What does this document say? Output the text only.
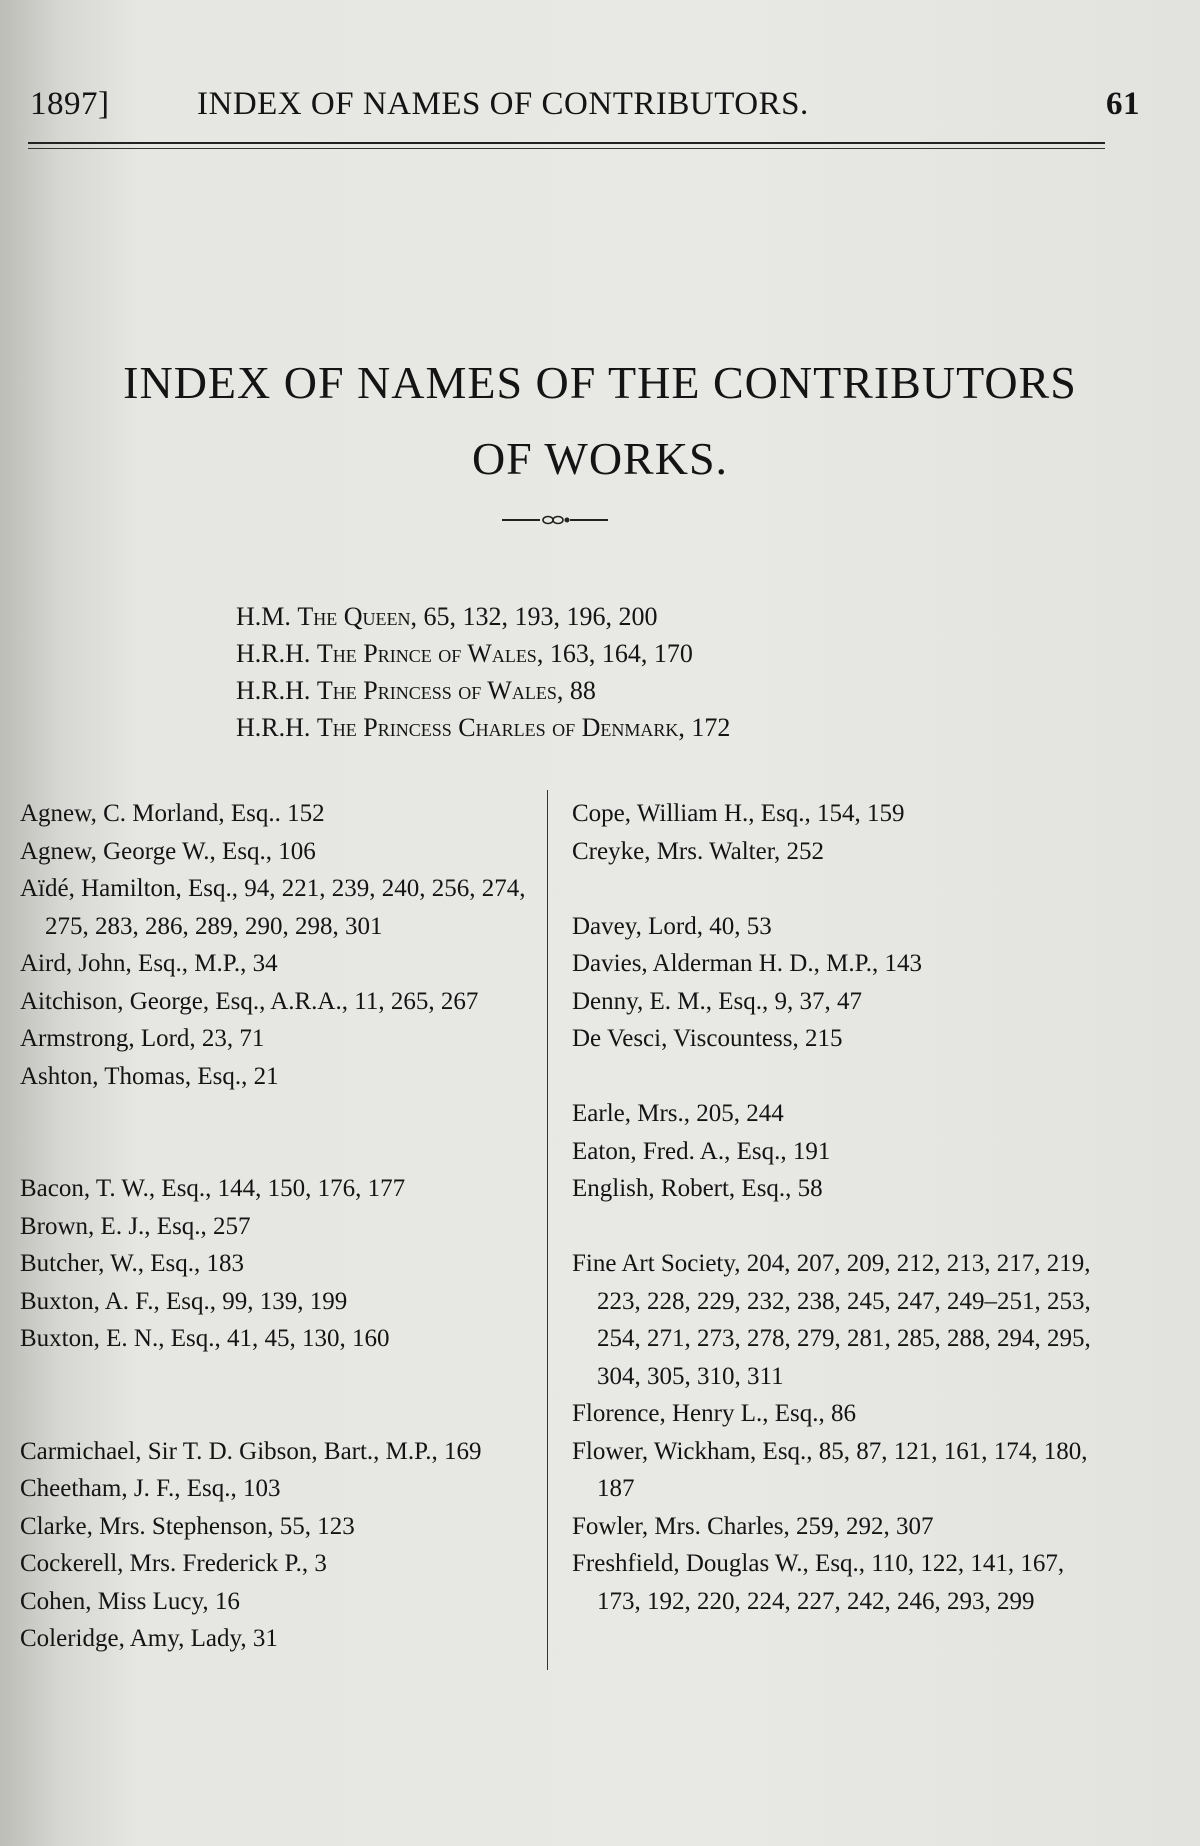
1897]	INDEX OF NAMES OF CONTRIBUTORS.	61
INDEX OF NAMES OF THE CONTRIBUTORS
OF WORKS.
H.M. The Queen, 65, 132, 193, 196, 200
H.R.H. The Prince of Wales, 163, 164, 170
H.R.H. The Princess of Wales, 88
H.R.H. The Princess Charles of Denmark, 172
Agnew, C. Morland, Esq.. 152
Agnew, George W., Esq., 106
Aïdé, Hamilton, Esq., 94, 221, 239, 240, 256, 274, 275, 283, 286, 289, 290, 298, 301
Aird, John, Esq., M.P., 34
Aitchison, George, Esq., A.R.A., 11, 265, 267
Armstrong, Lord, 23, 71
Ashton, Thomas, Esq., 21
Bacon, T. W., Esq., 144, 150, 176, 177
Brown, E. J., Esq., 257
Butcher, W., Esq., 183
Buxton, A. F., Esq., 99, 139, 199
Buxton, E. N., Esq., 41, 45, 130, 160
Carmichael, Sir T. D. Gibson, Bart., M.P., 169
Cheetham, J. F., Esq., 103
Clarke, Mrs. Stephenson, 55, 123
Cockerell, Mrs. Frederick P., 3
Cohen, Miss Lucy, 16
Coleridge, Amy, Lady, 31
Cope, William H., Esq., 154, 159
Creyke, Mrs. Walter, 252
Davey, Lord, 40, 53
Davies, Alderman H. D., M.P., 143
Denny, E. M., Esq., 9, 37, 47
De Vesci, Viscountess, 215
Earle, Mrs., 205, 244
Eaton, Fred. A., Esq., 191
English, Robert, Esq., 58
Fine Art Society, 204, 207, 209, 212, 213, 217, 219, 223, 228, 229, 232, 238, 245, 247, 249–251, 253, 254, 271, 273, 278, 279, 281, 285, 288, 294, 295, 304, 305, 310, 311
Florence, Henry L., Esq., 86
Flower, Wickham, Esq., 85, 87, 121, 161, 174, 180, 187
Fowler, Mrs. Charles, 259, 292, 307
Freshfield, Douglas W., Esq., 110, 122, 141, 167, 173, 192, 220, 224, 227, 242, 246, 293, 299
